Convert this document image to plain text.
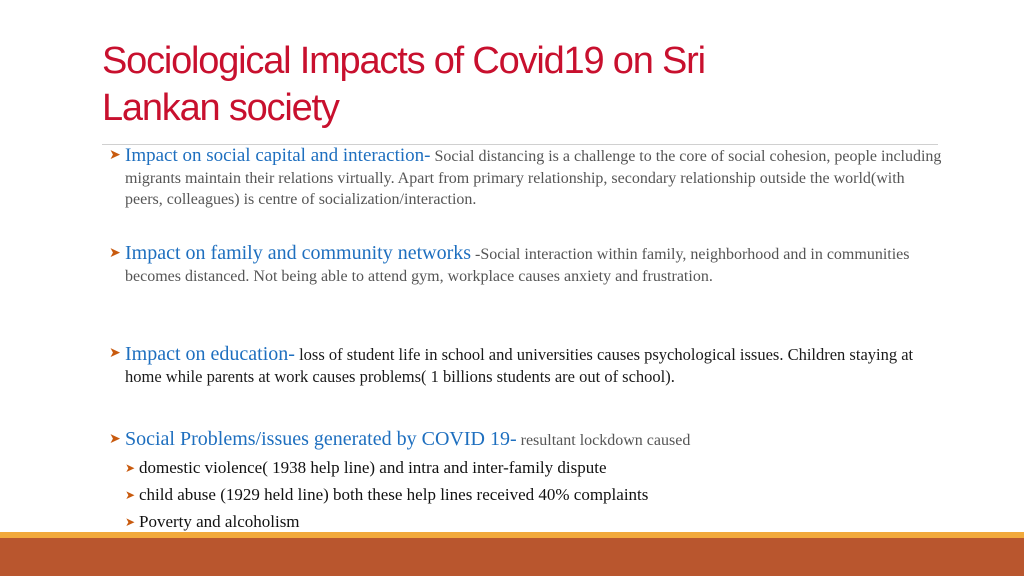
Sociological Impacts of Covid19 on Sri
Lankan society
➤ Impact on social capital and interaction- Social distancing is a challenge to the core of social cohesion, people including migrants maintain their relations virtually. Apart from primary relationship, secondary relationship outside the world(with peers, colleagues) is centre of socialization/interaction.
➤ Impact on family and community networks -Social interaction within family, neighborhood and in communities becomes distanced. Not being able to attend gym, workplace causes anxiety and frustration.
➤ Impact on education- loss of student life in school and universities causes psychological issues. Children staying at home while parents at work causes problems( 1 billions students are out of school).
➤ Social Problems/issues generated by COVID 19- resultant lockdown caused
➤ domestic violence( 1938 help line) and intra and inter-family dispute
➤ child abuse (1929 held line) both these help lines received 40% complaints
➤ Poverty and alcoholism
